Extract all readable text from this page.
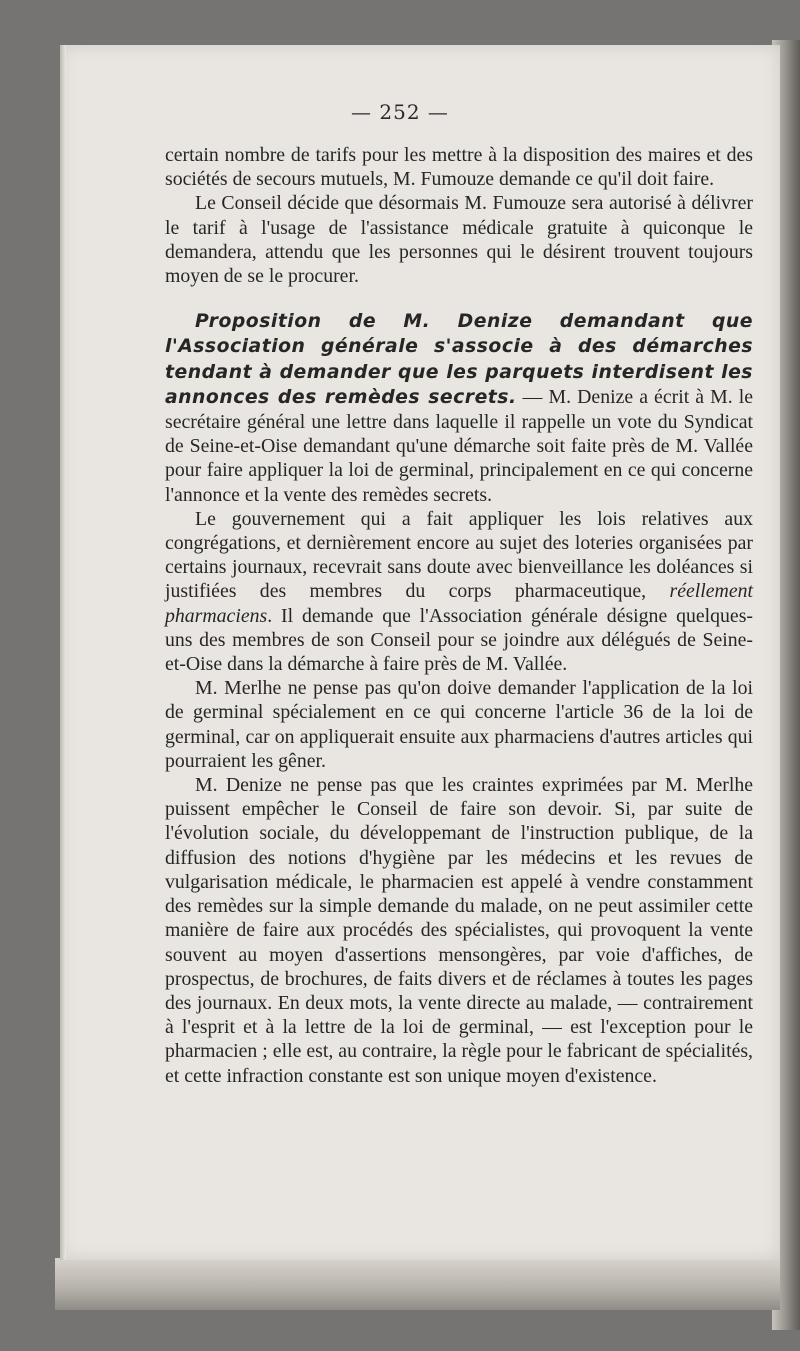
— 252 —

certain nombre de tarifs pour les mettre à la disposition des maires et des sociétés de secours mutuels, M. Fumouze demande ce qu'il doit faire.

Le Conseil décide que désormais M. Fumouze sera autorisé à délivrer le tarif à l'usage de l'assistance médicale gratuite à quiconque le demandera, attendu que les personnes qui le désirent trouvent toujours moyen de se le procurer.

Proposition de M. Denize demandant que l'Association générale s'associe à des démarches tendant à demander que les parquets interdisent les annonces des remèdes secrets. — M. Denize a écrit à M. le secrétaire général une lettre dans laquelle il rappelle un vote du Syndicat de Seine-et-Oise demandant qu'une démarche soit faite près de M. Vallée pour faire appliquer la loi de germinal, principalement en ce qui concerne l'annonce et la vente des remèdes secrets.

Le gouvernement qui a fait appliquer les lois relatives aux congrégations, et dernièrement encore au sujet des loteries organisées par certains journaux, recevrait sans doute avec bienveillance les doléances si justifiées des membres du corps pharmaceutique, réellement pharmaciens. Il demande que l'Association générale désigne quelques-uns des membres de son Conseil pour se joindre aux délégués de Seine-et-Oise dans la démarche à faire près de M. Vallée.

M. Merlhe ne pense pas qu'on doive demander l'application de la loi de germinal spécialement en ce qui concerne l'article 36 de la loi de germinal, car on appliquerait ensuite aux pharmaciens d'autres articles qui pourraient les gêner.

M. Denize ne pense pas que les craintes exprimées par M. Merlhe puissent empêcher le Conseil de faire son devoir. Si, par suite de l'évolution sociale, du développemant de l'instruction publique, de la diffusion des notions d'hygiène par les médecins et les revues de vulgarisation médicale, le pharmacien est appelé à vendre constamment des remèdes sur la simple demande du malade, on ne peut assimiler cette manière de faire aux procédés des spécialistes, qui provoquent la vente souvent au moyen d'assertions mensongères, par voie d'affiches, de prospectus, de brochures, de faits divers et de réclames à toutes les pages des journaux. En deux mots, la vente directe au malade, — contrairement à l'esprit et à la lettre de la loi de germinal, — est l'exception pour le pharmacien ; elle est, au contraire, la règle pour le fabricant de spécialités, et cette infraction constante est son unique moyen d'existence.
